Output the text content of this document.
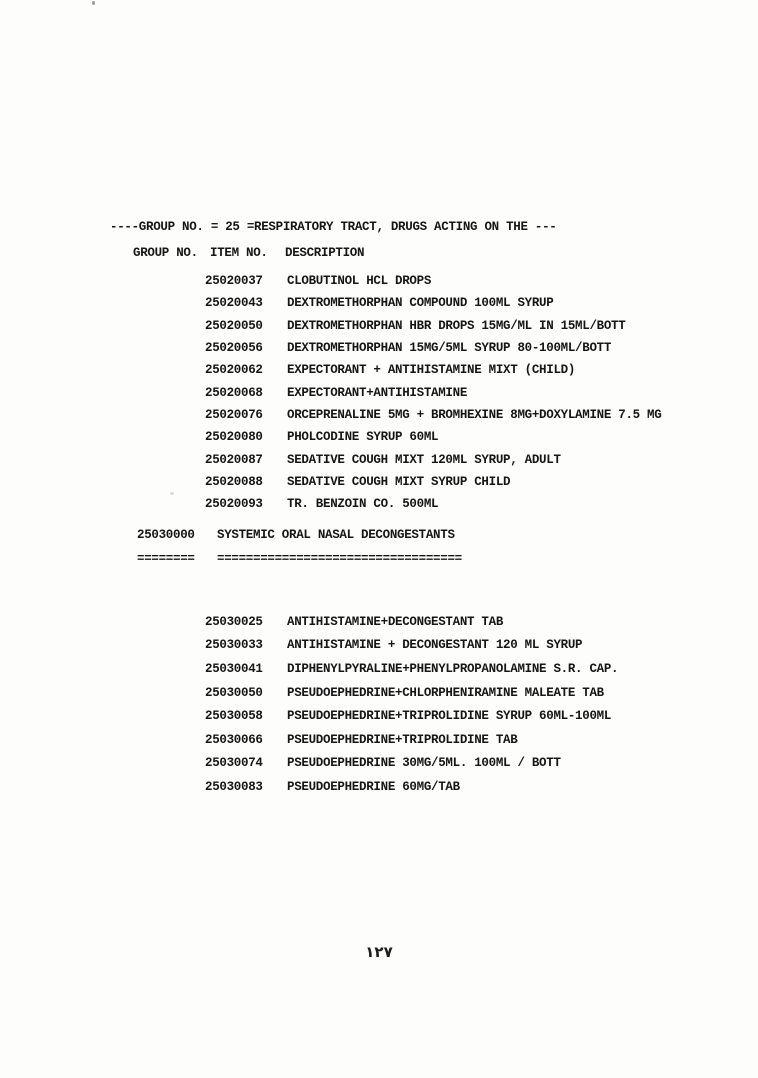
----GROUP NO. = 25 =RESPIRATORY TRACT, DRUGS ACTING ON THE ---
GROUP NO. ITEM NO. DESCRIPTION
25020037 CLOBUTINOL HCL DROPS
25020043 DEXTROMETHORPHAN COMPOUND 100ML SYRUP
25020050 DEXTROMETHORPHAN HBR DROPS 15MG/ML IN 15ML/BOTT
25020056 DEXTROMETHORPHAN 15MG/5ML SYRUP 80-100ML/BOTT
25020062 EXPECTORANT + ANTIHISTAMINE MIXT (CHILD)
25020068 EXPECTORANT+ANTIHISTAMINE
25020076 ORCEPRENALINE 5MG + BROMHEXINE 8MG+DOXYLAMINE 7.5 MG
25020080 PHOLCODINE SYRUP 60ML
25020087 SEDATIVE COUGH MIXT 120ML SYRUP, ADULT
25020088 SEDATIVE COUGH MIXT SYRUP CHILD
25020093 TR. BENZOIN CO. 500ML
25030000 SYSTEMIC ORAL NASAL DECONGESTANTS
======== ==================================
25030025 ANTIHISTAMINE+DECONGESTANT TAB
25030033 ANTIHISTAMINE + DECONGESTANT 120 ML SYRUP
25030041 DIPHENYLPYRALINE+PHENYLPROPANOLAMINE S.R. CAP.
25030050 PSEUDOEPHEDRINE+CHLORPHENIRAMINE MALEATE TAB
25030058 PSEUDOEPHEDRINE+TRIPROLIDINE SYRUP 60ML-100ML
25030066 PSEUDOEPHEDRINE+TRIPROLIDINE TAB
25030074 PSEUDOEPHEDRINE 30MG/5ML. 100ML / BOTT
25030083 PSEUDOEPHEDRINE 60MG/TAB
١٢٧
